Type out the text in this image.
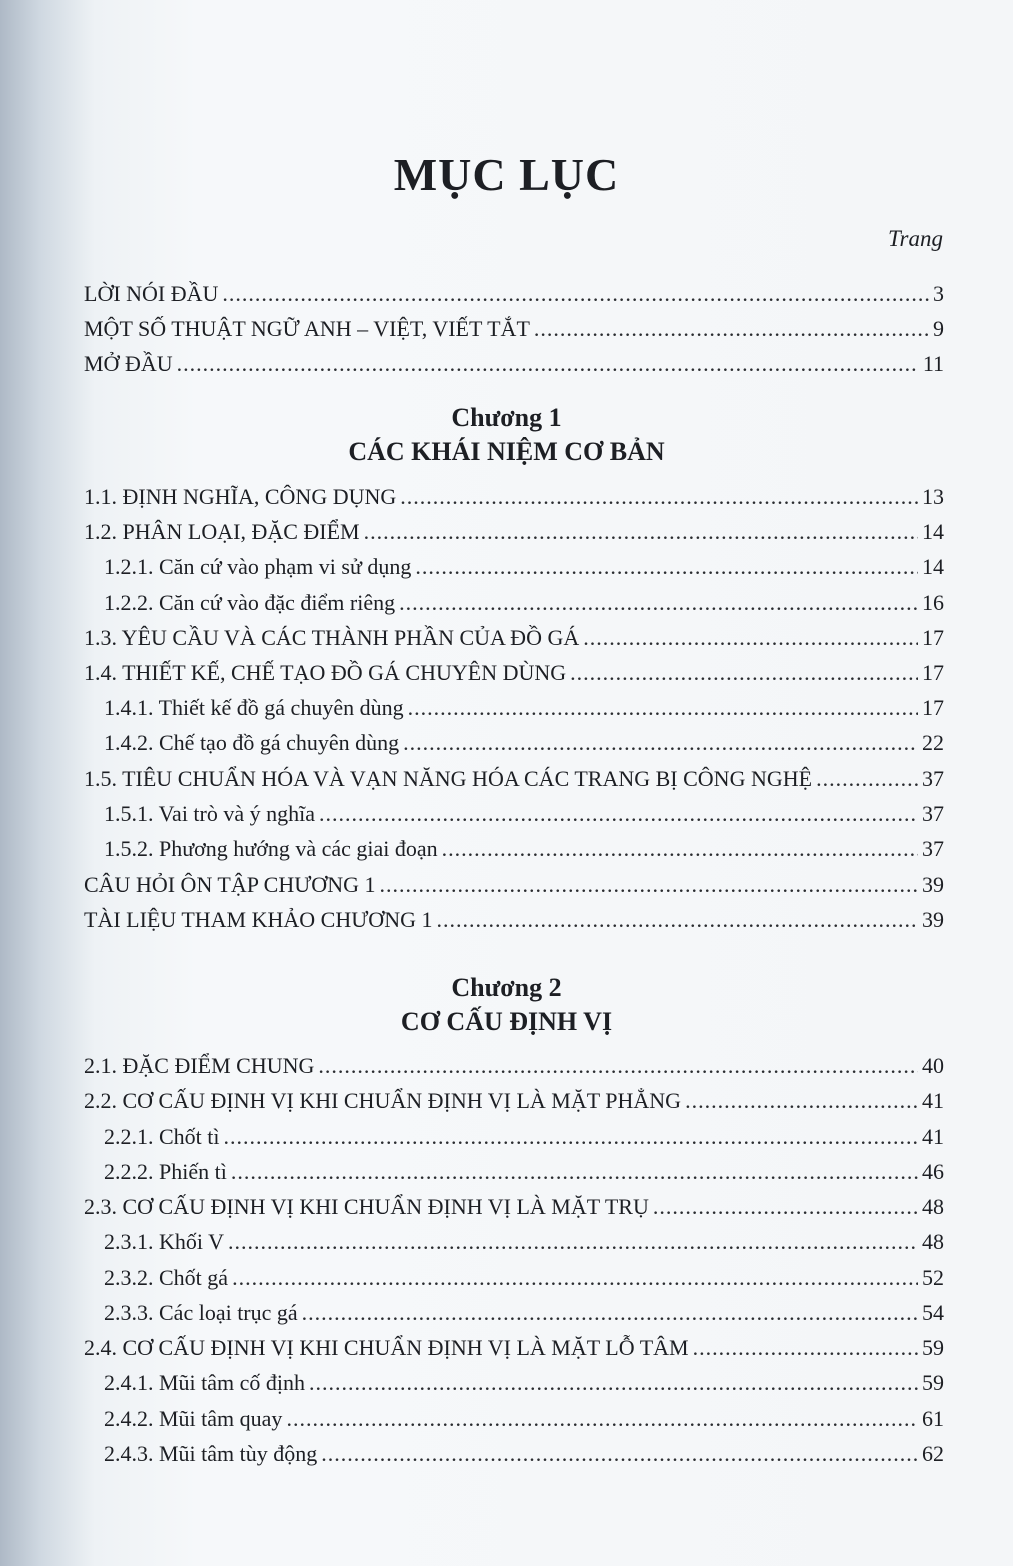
MỤC LỤC
Trang
LỜI NÓI ĐẦU .....	3
MỘT SỐ THUẬT NGỮ ANH – VIỆT, VIẾT TẮT .....	9
MỞ ĐẦU .....	11
Chương 1
CÁC KHÁI NIỆM CƠ BẢN
1.1. ĐỊNH NGHĨA, CÔNG DỤNG .....	13
1.2. PHÂN LOẠI, ĐẶC ĐIỂM .....	14
1.2.1. Căn cứ vào phạm vi sử dụng .....	14
1.2.2. Căn cứ vào đặc điểm riêng .....	16
1.3. YÊU CẦU VÀ CÁC THÀNH PHẦN CỦA ĐỒ GÁ .....	17
1.4. THIẾT KẾ, CHẾ TẠO ĐỒ GÁ CHUYÊN DÙNG .....	17
1.4.1. Thiết kế đồ gá chuyên dùng .....	17
1.4.2. Chế tạo đồ gá chuyên dùng .....	22
1.5. TIÊU CHUẨN HÓA VÀ VẠN NĂNG HÓA CÁC TRANG BỊ CÔNG NGHỆ .....	37
1.5.1. Vai trò và ý nghĩa .....	37
1.5.2. Phương hướng và các giai đoạn .....	37
CÂU HỎI ÔN TẬP CHƯƠNG 1 .....	39
TÀI LIỆU THAM KHẢO CHƯƠNG 1 .....	39
Chương 2
CƠ CẤU ĐỊNH VỊ
2.1. ĐẶC ĐIỂM CHUNG .....	40
2.2. CƠ CẤU ĐỊNH VỊ KHI CHUẨN ĐỊNH VỊ LÀ MẶT PHẲNG .....	41
2.2.1. Chốt tì .....	41
2.2.2. Phiến tì .....	46
2.3. CƠ CẤU ĐỊNH VỊ KHI CHUẨN ĐỊNH VỊ LÀ MẶT TRỤ .....	48
2.3.1. Khối V .....	48
2.3.2. Chốt gá .....	52
2.3.3. Các loại trục gá .....	54
2.4. CƠ CẤU ĐỊNH VỊ KHI CHUẨN ĐỊNH VỊ LÀ MẶT LỖ TÂM .....	59
2.4.1. Mũi tâm cố định .....	59
2.4.2. Mũi tâm quay .....	61
2.4.3. Mũi tâm tùy động .....	62
